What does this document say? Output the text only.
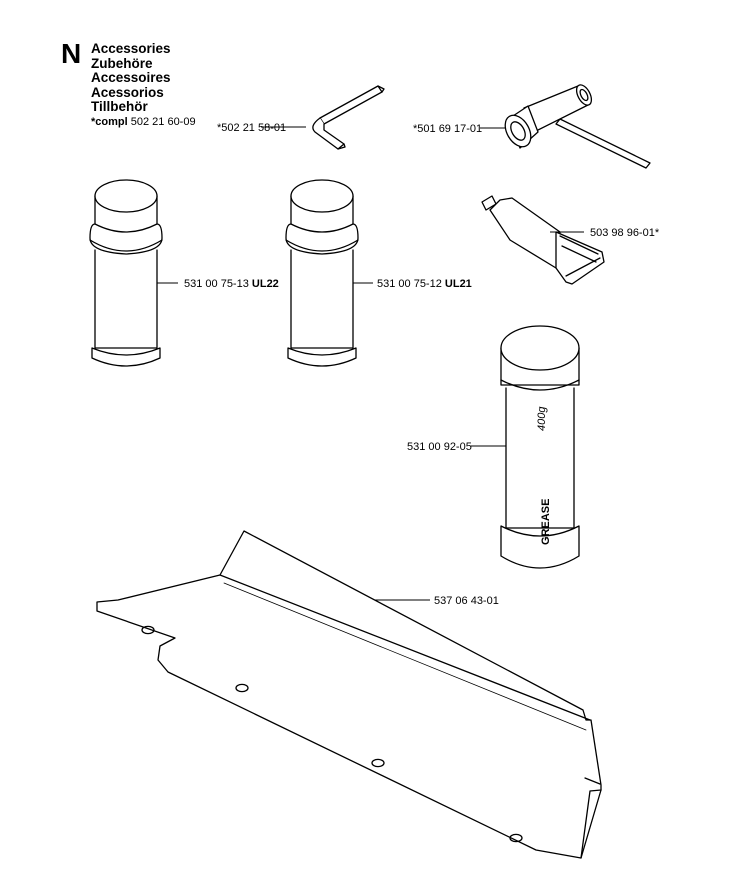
N Accessories
Zubehöre
Accessoires
Acessorios
Tillbehör
*compl 502 21 60-09
*502 21 58-01	*501 69 17-01
503 98 96-01*
531 00 75-13 UL22	531 00 75-12 UL21
531 00 92-05
537 06 43-01
GREASE
400g
